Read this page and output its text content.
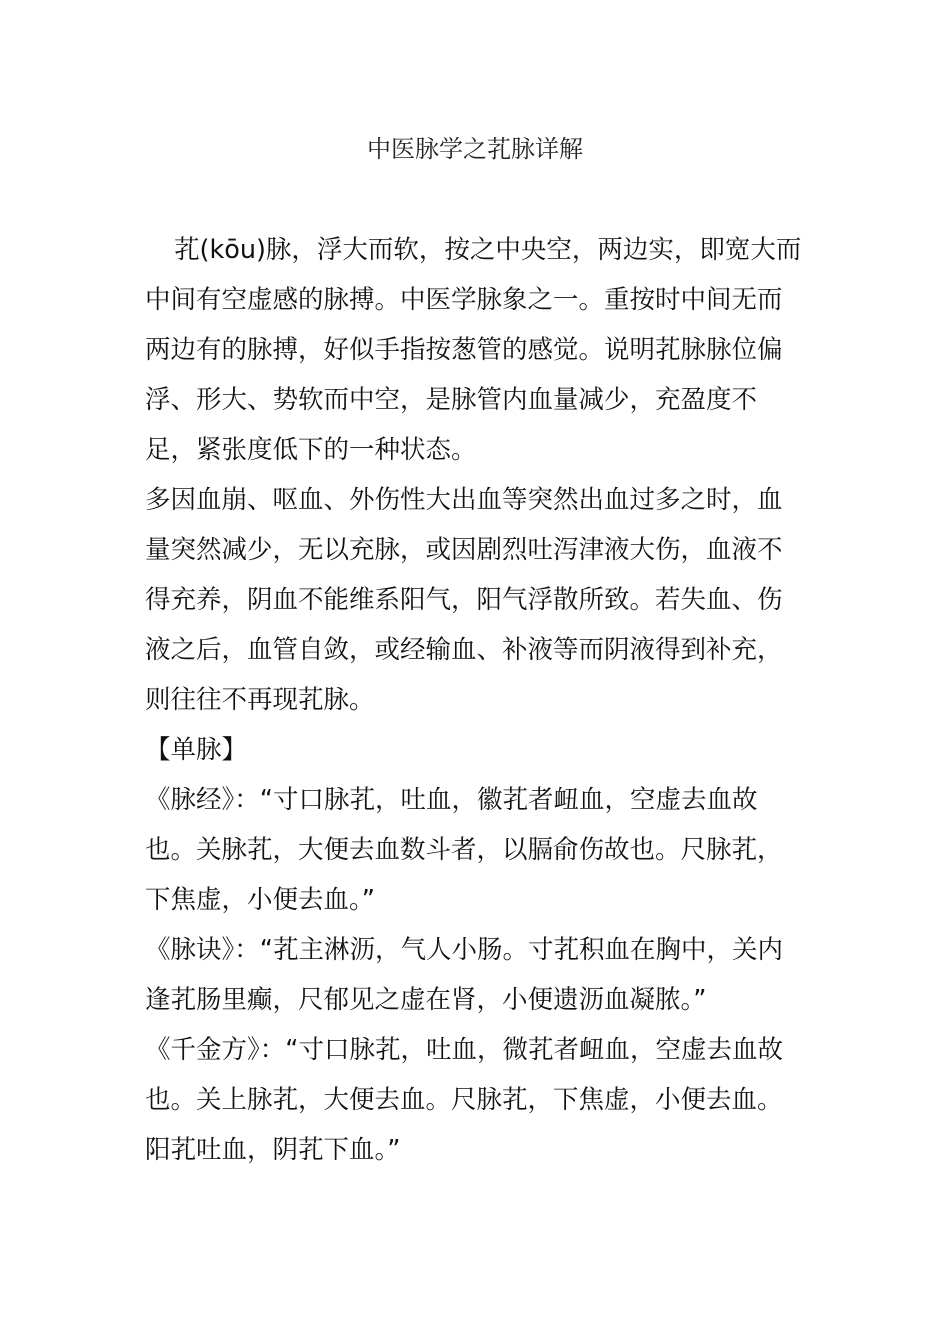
中医脉学之芤脉详解

芤(kōu)脉，浮大而软，按之中央空，两边实，即宽大而中间有空虚感的脉搏。中医学脉象之一。重按时中间无而两边有的脉搏，好似手指按葱管的感觉。说明芤脉脉位偏浮、形大、势软而中空，是脉管内血量减少，充盈度不足，紧张度低下的一种状态。

多因血崩、呕血、外伤性大出血等突然出血过多之时，血量突然减少，无以充脉，或因剧烈吐泻津液大伤，血液不得充养，阴血不能维系阳气，阳气浮散所致。若失血、伤液之后，血管自敛，或经输血、补液等而阴液得到补充，则往往不再现芤脉。

【单脉】

《脉经》：“寸口脉芤，吐血，徽芤者衄血，空虚去血故也。关脉芤，大便去血数斗者，以膈俞伤故也。尺脉芤，下焦虚，小便去血。”

《脉诀》：“芤主淋沥，气人小肠。寸芤积血在胸中，关内逢芤肠里癫，尺郁见之虚在肾，小便遗沥血凝脓。”

《千金方》：“寸口脉芤，吐血，微芤者衄血，空虚去血故也。关上脉芤，大便去血。尺脉芤，下焦虚，小便去血。阳芤吐血，阴芤下血。”
